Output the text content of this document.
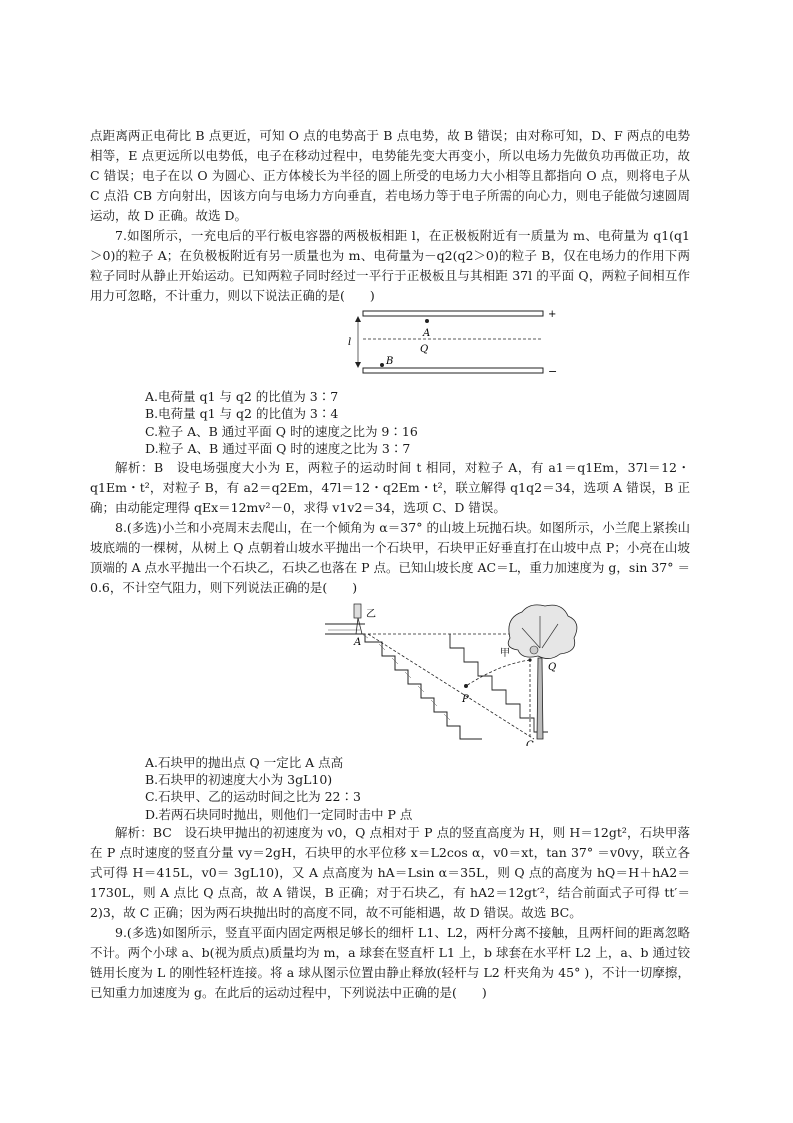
点距离两正电荷比 B 点更近，可知 O 点的电势高于 B 点电势，故 B 错误；由对称可知，D、F 两点的电势相等，E 点更远所以电势低，电子在移动过程中，电势能先变大再变小，所以电场力先做负功再做正功，故 C 错误；电子在以 O 为圆心、正方体棱长为半径的圆上所受的电场力大小相等且都指向 O 点，则将电子从 C 点沿 CB 方向射出，因该方向与电场力方向垂直，若电场力等于电子所需的向心力，则电子能做匀速圆周运动，故 D 正确。故选 D。

7.如图所示，一充电后的平行板电容器的两极板相距 l，在正极板附近有一质量为 m、电荷量为 q1(q1＞0)的粒子 A；在负极板附近有另一质量也为 m、电荷量为－q2(q2＞0)的粒子 B，仅在电场力的作用下两粒子同时从静止开始运动。已知两粒子同时经过一平行于正极板且与其相距 37l 的平面 Q，两粒子间相互作用力可忽略，不计重力，则以下说法正确的是(　　)

+
A
Q
l
B
−

A.电荷量 q1 与 q2 的比值为 3∶7

B.电荷量 q1 与 q2 的比值为 3∶4

C.粒子 A、B 通过平面 Q 时的速度之比为 9∶16

D.粒子 A、B 通过平面 Q 时的速度之比为 3∶7

解析：B　设电场强度大小为 E，两粒子的运动时间 t 相同，对粒子 A，有 a1＝q1Em，37l＝12・q1Em・t²，对粒子 B，有 a2＝q2Em，47l＝12・q2Em・t²，联立解得 q1q2＝34，选项 A 错误，B 正确；由动能定理得 qEx＝12mv²－0，求得 v1v2＝34，选项 C、D 错误。

8.(多选)小兰和小亮周末去爬山，在一个倾角为 α＝37° 的山坡上玩抛石块。如图所示，小兰爬上紧挨山坡底端的一棵树，从树上 Q 点朝着山坡水平抛出一个石块甲，石块甲正好垂直打在山坡中点 P；小亮在山坡顶端的 A 点水平抛出一个石块乙，石块乙也落在 P 点。已知山坡长度 AC＝L，重力加速度为 g，sin 37° ＝0.6，不计空气阻力，则下列说法正确的是(　　)

乙
A
P
甲
Q
C

A.石块甲的抛出点 Q 一定比 A 点高

B.石块甲的初速度大小为 3gL10)

C.石块甲、乙的运动时间之比为 22∶3

D.若两石块同时抛出，则他们一定同时击中 P 点

解析：BC　设石块甲抛出的初速度为 v0，Q 点相对于 P 点的竖直高度为 H，则 H＝12gt²，石块甲落在 P 点时速度的竖直分量 vy＝2gH，石块甲的水平位移 x＝L2cos α，v0＝xt，tan 37° ＝v0vy，联立各式可得 H＝415L，v0＝ 3gL10)，又 A 点高度为 hA＝Lsin α＝35L，则 Q 点的高度为 hQ＝H＋hA2＝1730L，则 A 点比 Q 点高，故 A 错误，B 正确；对于石块乙，有 hA2＝12gt′²，结合前面式子可得 tt′＝2)3，故 C 正确；因为两石块抛出时的高度不同，故不可能相遇，故 D 错误。故选 BC。

9.(多选)如图所示，竖直平面内固定两根足够长的细杆 L1、L2，两杆分离不接触，且两杆间的距离忽略不计。两个小球 a、b(视为质点)质量均为 m，a 球套在竖直杆 L1 上，b 球套在水平杆 L2 上，a、b 通过铰链用长度为 L 的刚性轻杆连接。将 a 球从图示位置由静止释放(轻杆与 L2 杆夹角为 45° )，不计一切摩擦，已知重力加速度为 g。在此后的运动过程中，下列说法中正确的是(　　)
